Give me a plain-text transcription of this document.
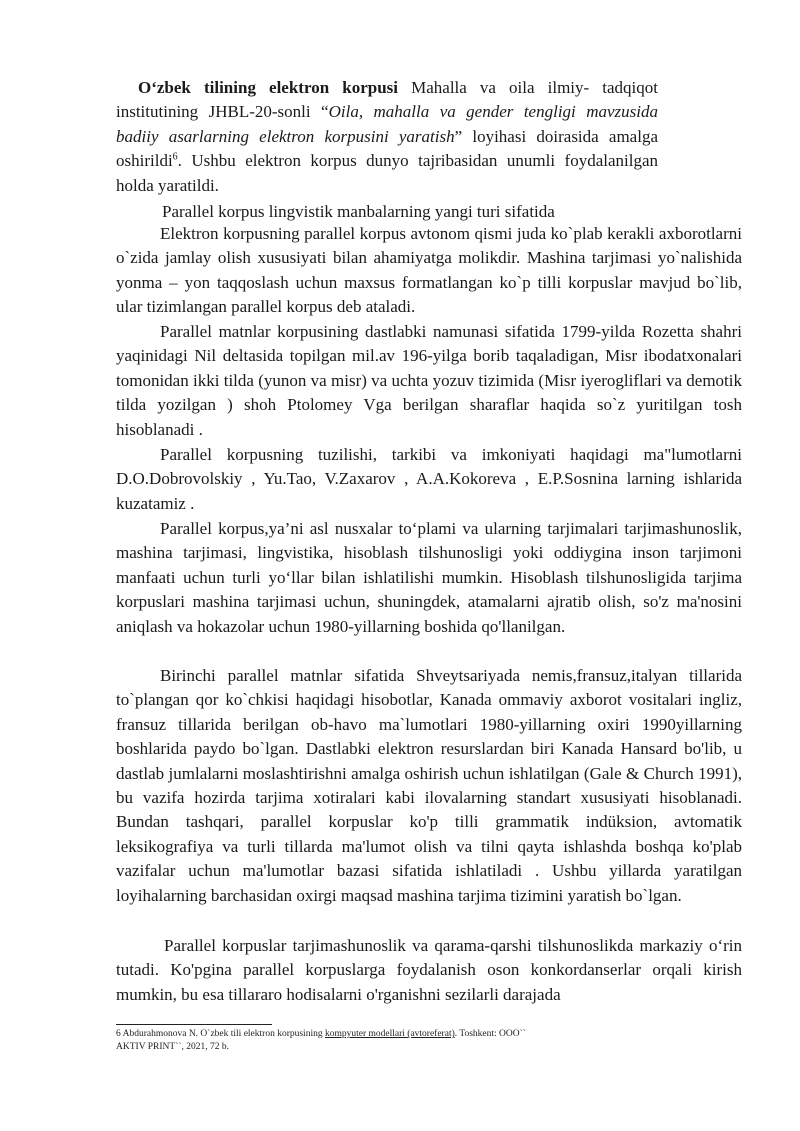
O‘zbek tilining elektron korpusi Mahalla va oila ilmiy- tadqiqot institutining JHBL-20-sonli “Oila, mahalla va gender tengligi mavzusida badiiy asarlarning elektron korpusini yaratish” loyihasi doirasida amalga oshirildi$^6$. Ushbu elektron korpus dunyo tajribasidan unumli foydalanilgan holda yaratildi.

Parallel korpus lingvistik manbalarning yangi turi sifatida

Elektron korpusning parallel korpus avtonom qismi juda ko`plab kerakli axborotlarni o`zida jamlay olish xususiyati bilan ahamiyatga molikdir. Mashina tarjimasi yo`nalishida yonma – yon taqqoslash uchun maxsus formatlangan ko`p tilli korpuslar mavjud bo`lib, ular tizimlangan parallel korpus deb ataladi.

Parallel matnlar korpusining dastlabki namunasi sifatida 1799-yilda Rozetta shahri yaqinidagi Nil deltasida topilgan mil.av 196-yilga borib taqaladigan, Misr ibodatxonalari tomonidan ikki tilda (yunon va misr) va uchta yozuv tizimida (Misr iyerogliflari va demotik tilda yozilgan ) shoh Ptolomey Vga berilgan sharaflar haqida so`z yuritilgan tosh hisoblanadi .

Parallel korpusning tuzilishi, tarkibi va imkoniyati haqidagi ma"lumotlarni D.O.Dobrovolskiy , Yu.Tao, V.Zaxarov , A.A.Kokoreva , E.P.Sosnina larning ishlarida kuzatamiz .

Parallel korpus,ya’ni asl nusxalar to‘plami va ularning tarjimalari tarjimashunoslik, mashina tarjimasi, lingvistika, hisoblash tilshunosligi yoki oddiygina inson tarjimoni manfaati uchun turli yo‘llar bilan ishlatilishi mumkin. Hisoblash tilshunosligida tarjima korpuslari mashina tarjimasi uchun, shuningdek, atamalarni ajratib olish, so'z ma'nosini aniqlash va hokazolar uchun 1980-yillarning boshida qo'llanilgan.

Birinchi parallel matnlar sifatida Shveytsariyada nemis,fransuz,italyan tillarida to`plangan qor ko`chkisi haqidagi hisobotlar, Kanada ommaviy axborot vositalari ingliz, fransuz tillarida berilgan ob-havo ma`lumotlari 1980-yillarning oxiri 1990yillarning boshlarida paydo bo`lgan. Dastlabki elektron resurslardan biri Kanada Hansard bo'lib, u dastlab jumlalarni moslashtirishni amalga oshirish uchun ishlatilgan (Gale & Church 1991), bu vazifa hozirda tarjima xotiralari kabi ilovalarning standart xususiyati hisoblanadi. Bundan tashqari, parallel korpuslar ko'p tilli grammatik indüksion, avtomatik leksikografiya va turli tillarda ma'lumot olish va tilni qayta ishlashda boshqa ko'plab vazifalar uchun ma'lumotlar bazasi sifatida ishlatiladi . Ushbu yillarda yaratilgan loyihalarning barchasidan oxirgi maqsad mashina tarjima tizimini yaratish bo`lgan.

Parallel korpuslar tarjimashunoslik va qarama-qarshi tilshunoslikda markaziy o‘rin tutadi. Ko'pgina parallel korpuslarga foydalanish oson konkordanserlar orqali kirish mumkin, bu esa tillararo hodisalarni o'rganishni sezilarli darajada

6 Abdurahmonova N. O`zbek tili elektron korpusining kompyuter modellari (avtoreferat). Toshkent: OOO``
AKTIV PRINT``, 2021, 72 b.
